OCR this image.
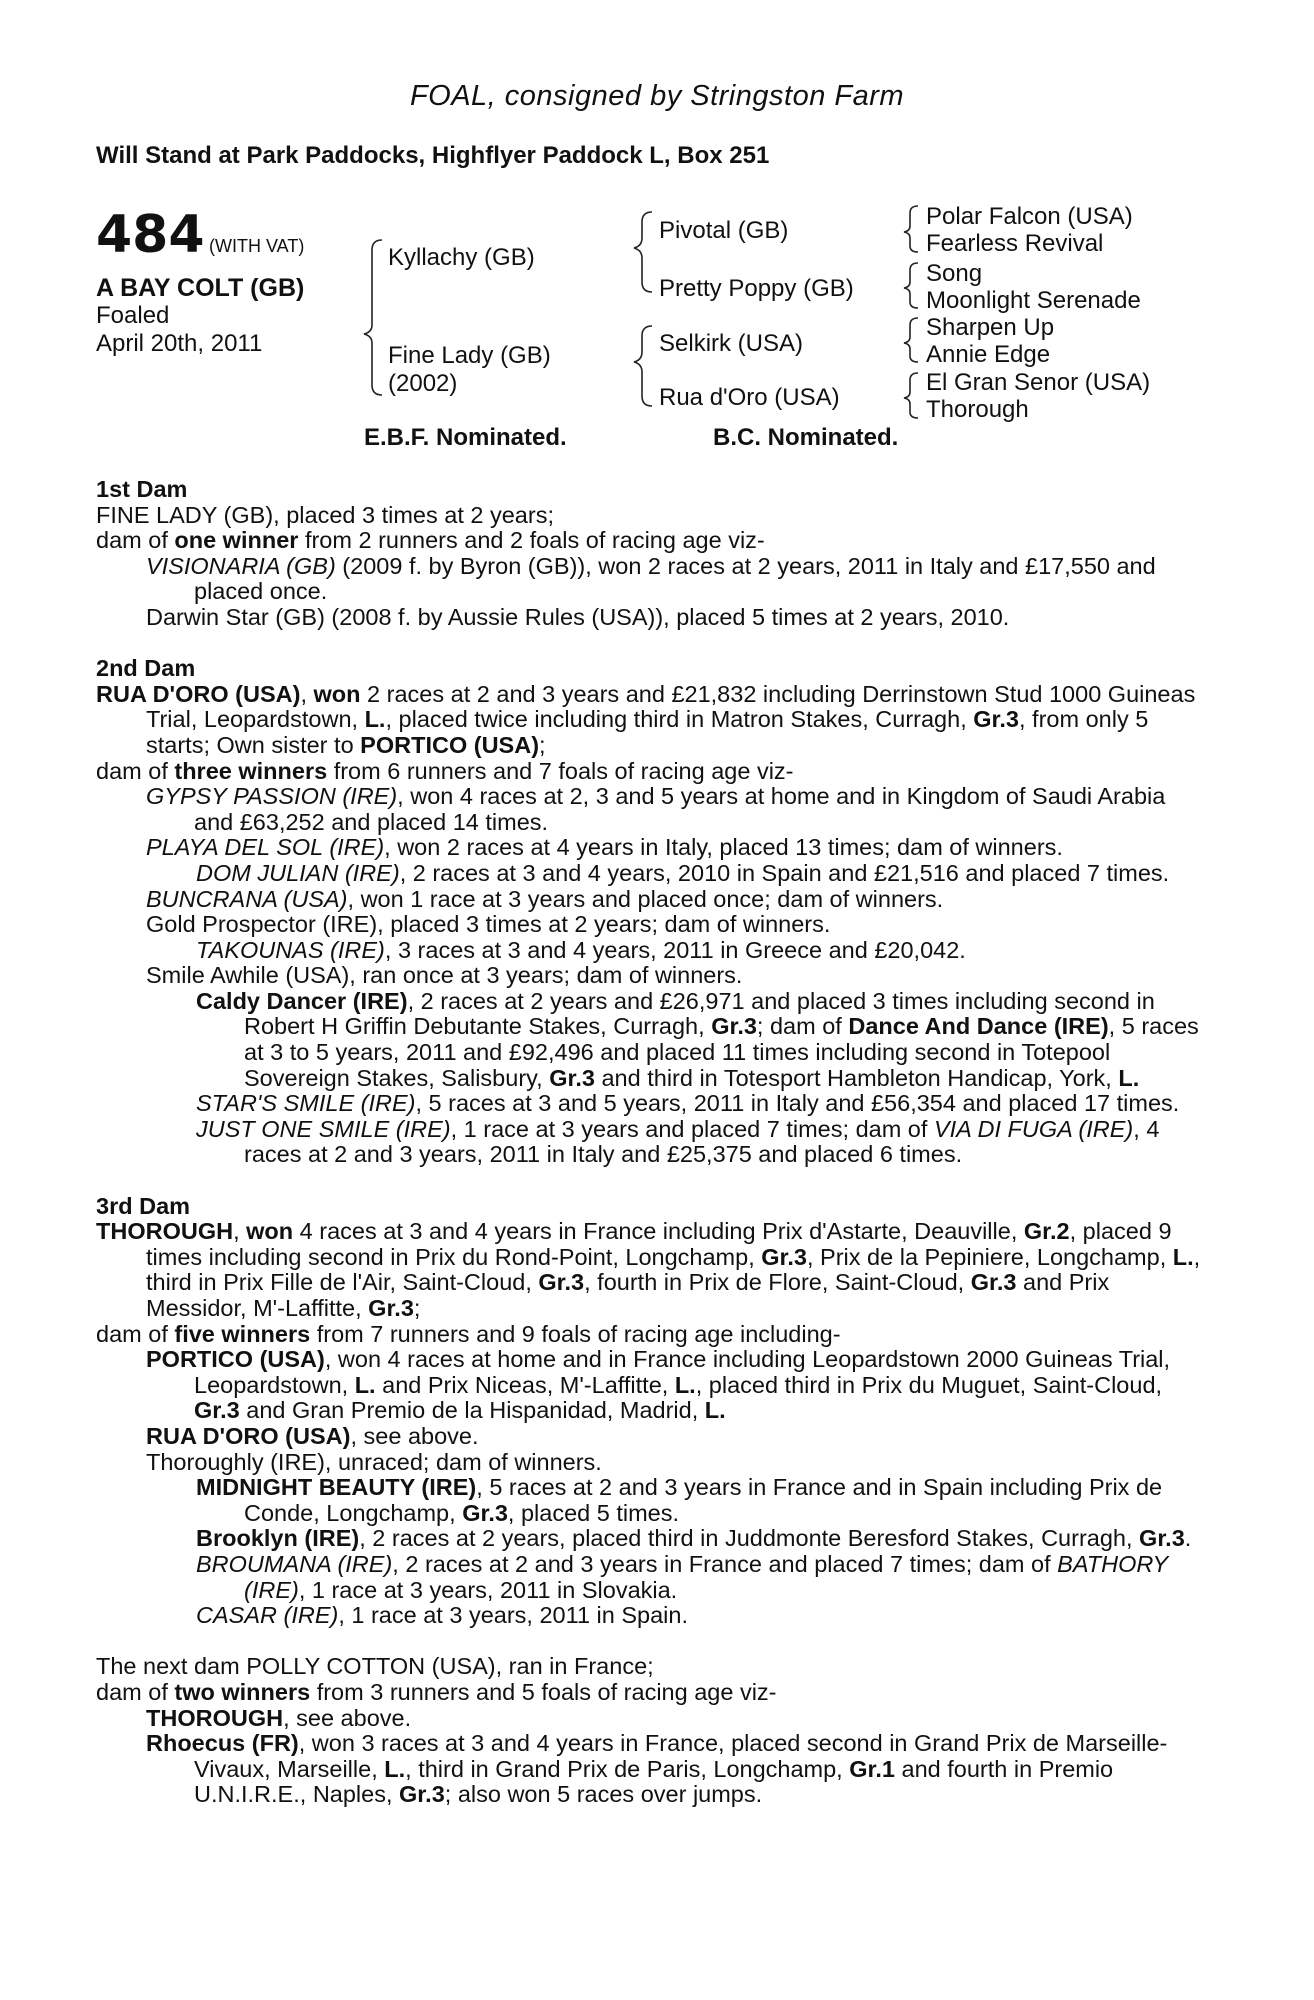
FOAL, consigned by Stringston Farm
Will Stand at Park Paddocks, Highflyer Paddock L, Box 251
484 (WITH VAT)
A BAY COLT (GB)
Foaled
April 20th, 2011
Kyllachy (GB)
Fine Lady (GB)
(2002)
Pivotal (GB)
Pretty Poppy (GB)
Selkirk (USA)
Rua d'Oro (USA)
Polar Falcon (USA)
Fearless Revival
Song
Moonlight Serenade
Sharpen Up
Annie Edge
El Gran Senor (USA)
Thorough
E.B.F. Nominated.	B.C. Nominated.
1st Dam

FINE LADY (GB), placed 3 times at 2 years;

dam of one winner from 2 runners and 2 foals of racing age viz-

VISIONARIA (GB) (2009 f. by Byron (GB)), won 2 races at 2 years, 2011 in Italy and £17,550 and placed once.

Darwin Star (GB) (2008 f. by Aussie Rules (USA)), placed 5 times at 2 years, 2010.

2nd Dam

RUA D'ORO (USA), won 2 races at 2 and 3 years and £21,832 including Derrinstown Stud 1000 Guineas Trial, Leopardstown, L., placed twice including third in Matron Stakes, Curragh, Gr.3, from only 5 starts; Own sister to PORTICO (USA);

dam of three winners from 6 runners and 7 foals of racing age viz-

GYPSY PASSION (IRE), won 4 races at 2, 3 and 5 years at home and in Kingdom of Saudi Arabia and £63,252 and placed 14 times.

PLAYA DEL SOL (IRE), won 2 races at 4 years in Italy, placed 13 times; dam of winners.

DOM JULIAN (IRE), 2 races at 3 and 4 years, 2010 in Spain and £21,516 and placed 7 times.

BUNCRANA (USA), won 1 race at 3 years and placed once; dam of winners.

Gold Prospector (IRE), placed 3 times at 2 years; dam of winners.

TAKOUNAS (IRE), 3 races at 3 and 4 years, 2011 in Greece and £20,042.

Smile Awhile (USA), ran once at 3 years; dam of winners.

Caldy Dancer (IRE), 2 races at 2 years and £26,971 and placed 3 times including second in Robert H Griffin Debutante Stakes, Curragh, Gr.3; dam of Dance And Dance (IRE), 5 races at 3 to 5 years, 2011 and £92,496 and placed 11 times including second in Totepool Sovereign Stakes, Salisbury, Gr.3 and third in Totesport Hambleton Handicap, York, L.

STAR'S SMILE (IRE), 5 races at 3 and 5 years, 2011 in Italy and £56,354 and placed 17 times.

JUST ONE SMILE (IRE), 1 race at 3 years and placed 7 times; dam of VIA DI FUGA (IRE), 4 races at 2 and 3 years, 2011 in Italy and £25,375 and placed 6 times.

3rd Dam

THOROUGH, won 4 races at 3 and 4 years in France including Prix d'Astarte, Deauville, Gr.2, placed 9 times including second in Prix du Rond-Point, Longchamp, Gr.3, Prix de la Pepiniere, Longchamp, L., third in Prix Fille de l'Air, Saint-Cloud, Gr.3, fourth in Prix de Flore, Saint-Cloud, Gr.3 and Prix Messidor, M'-Laffitte, Gr.3;

dam of five winners from 7 runners and 9 foals of racing age including-

PORTICO (USA), won 4 races at home and in France including Leopardstown 2000 Guineas Trial, Leopardstown, L. and Prix Niceas, M'-Laffitte, L., placed third in Prix du Muguet, Saint-Cloud, Gr.3 and Gran Premio de la Hispanidad, Madrid, L.

RUA D'ORO (USA), see above.

Thoroughly (IRE), unraced; dam of winners.

MIDNIGHT BEAUTY (IRE), 5 races at 2 and 3 years in France and in Spain including Prix de Conde, Longchamp, Gr.3, placed 5 times.

Brooklyn (IRE), 2 races at 2 years, placed third in Juddmonte Beresford Stakes, Curragh, Gr.3.

BROUMANA (IRE), 2 races at 2 and 3 years in France and placed 7 times; dam of BATHORY (IRE), 1 race at 3 years, 2011 in Slovakia.

CASAR (IRE), 1 race at 3 years, 2011 in Spain.

The next dam POLLY COTTON (USA), ran in France;

dam of two winners from 3 runners and 5 foals of racing age viz-

THOROUGH, see above.

Rhoecus (FR), won 3 races at 3 and 4 years in France, placed second in Grand Prix de Marseille-Vivaux, Marseille, L., third in Grand Prix de Paris, Longchamp, Gr.1 and fourth in Premio U.N.I.R.E., Naples, Gr.3; also won 5 races over jumps.
